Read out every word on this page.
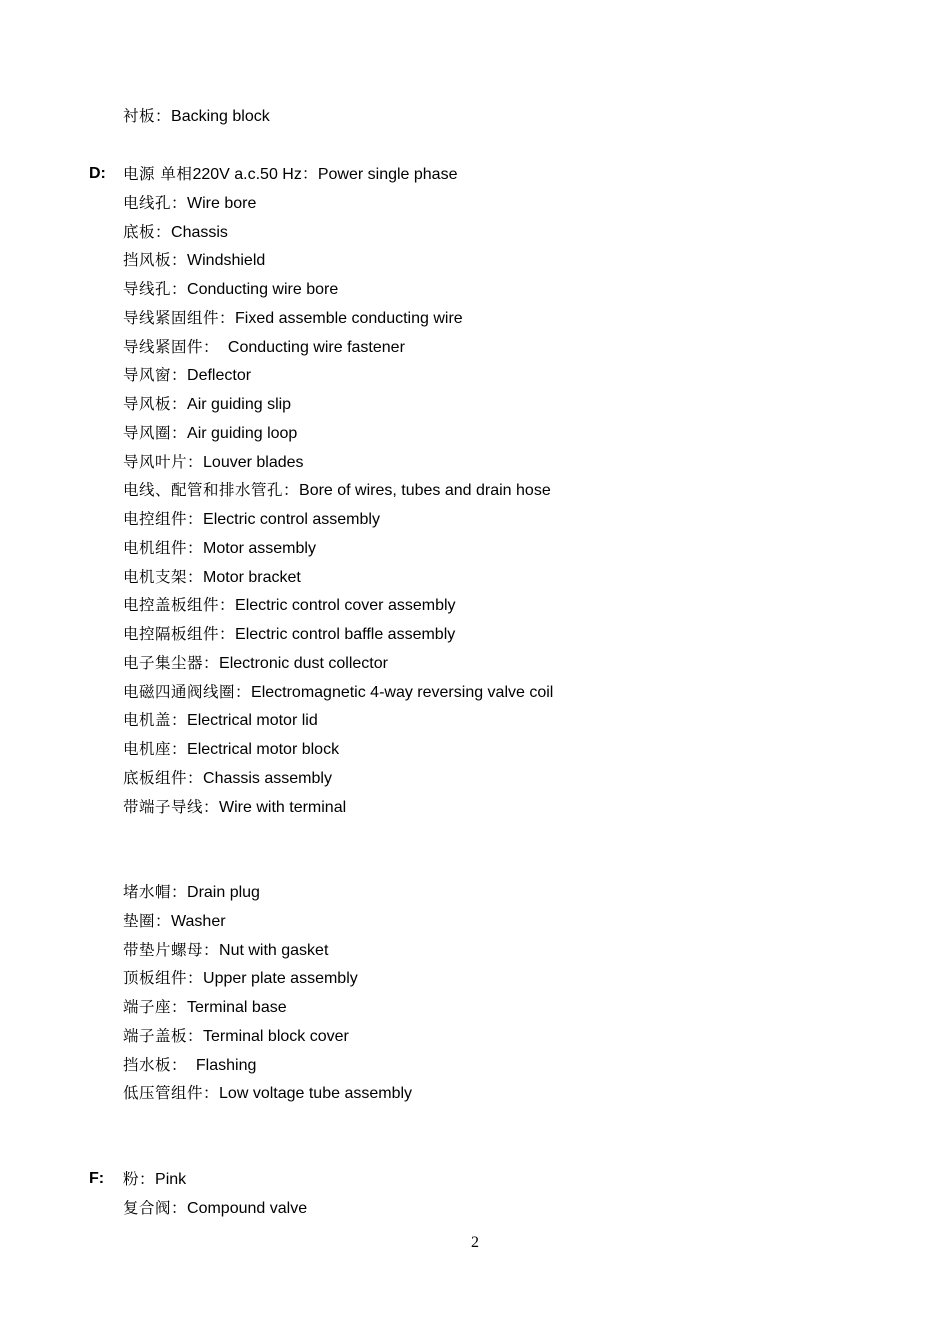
衬板：Backing block
D: 电源 单相220V a.c.50 Hz：Power single phase
电线孔：Wire bore
底板：Chassis
挡风板：Windshield
导线孔：Conducting wire bore
导线紧固组件：Fixed assemble conducting wire
导线紧固件：  Conducting wire fastener
导风窗：Deflector
导风板：Air guiding slip
导风圈：Air guiding loop
导风叶片：Louver blades
电线、配管和排水管孔：Bore of wires, tubes and drain hose
电控组件：Electric control assembly
电机组件：Motor assembly
电机支架：Motor bracket
电控盖板组件：Electric control cover assembly
电控隔板组件：Electric control baffle assembly
电子集尘器：Electronic dust collector
电磁四通阀线圈：Electromagnetic 4-way reversing valve coil
电机盖：Electrical motor lid
电机座：Electrical motor block
底板组件：Chassis assembly
带端子导线：Wire with terminal
堵水帽：Drain plug
垫圈：Washer
带垫片螺母：Nut with gasket
顶板组件：Upper plate assembly
端子座：Terminal base
端子盖板：Terminal block cover
挡水板：  Flashing
低压管组件：Low voltage tube assembly
F: 粉：Pink
复合阀：Compound valve
2
